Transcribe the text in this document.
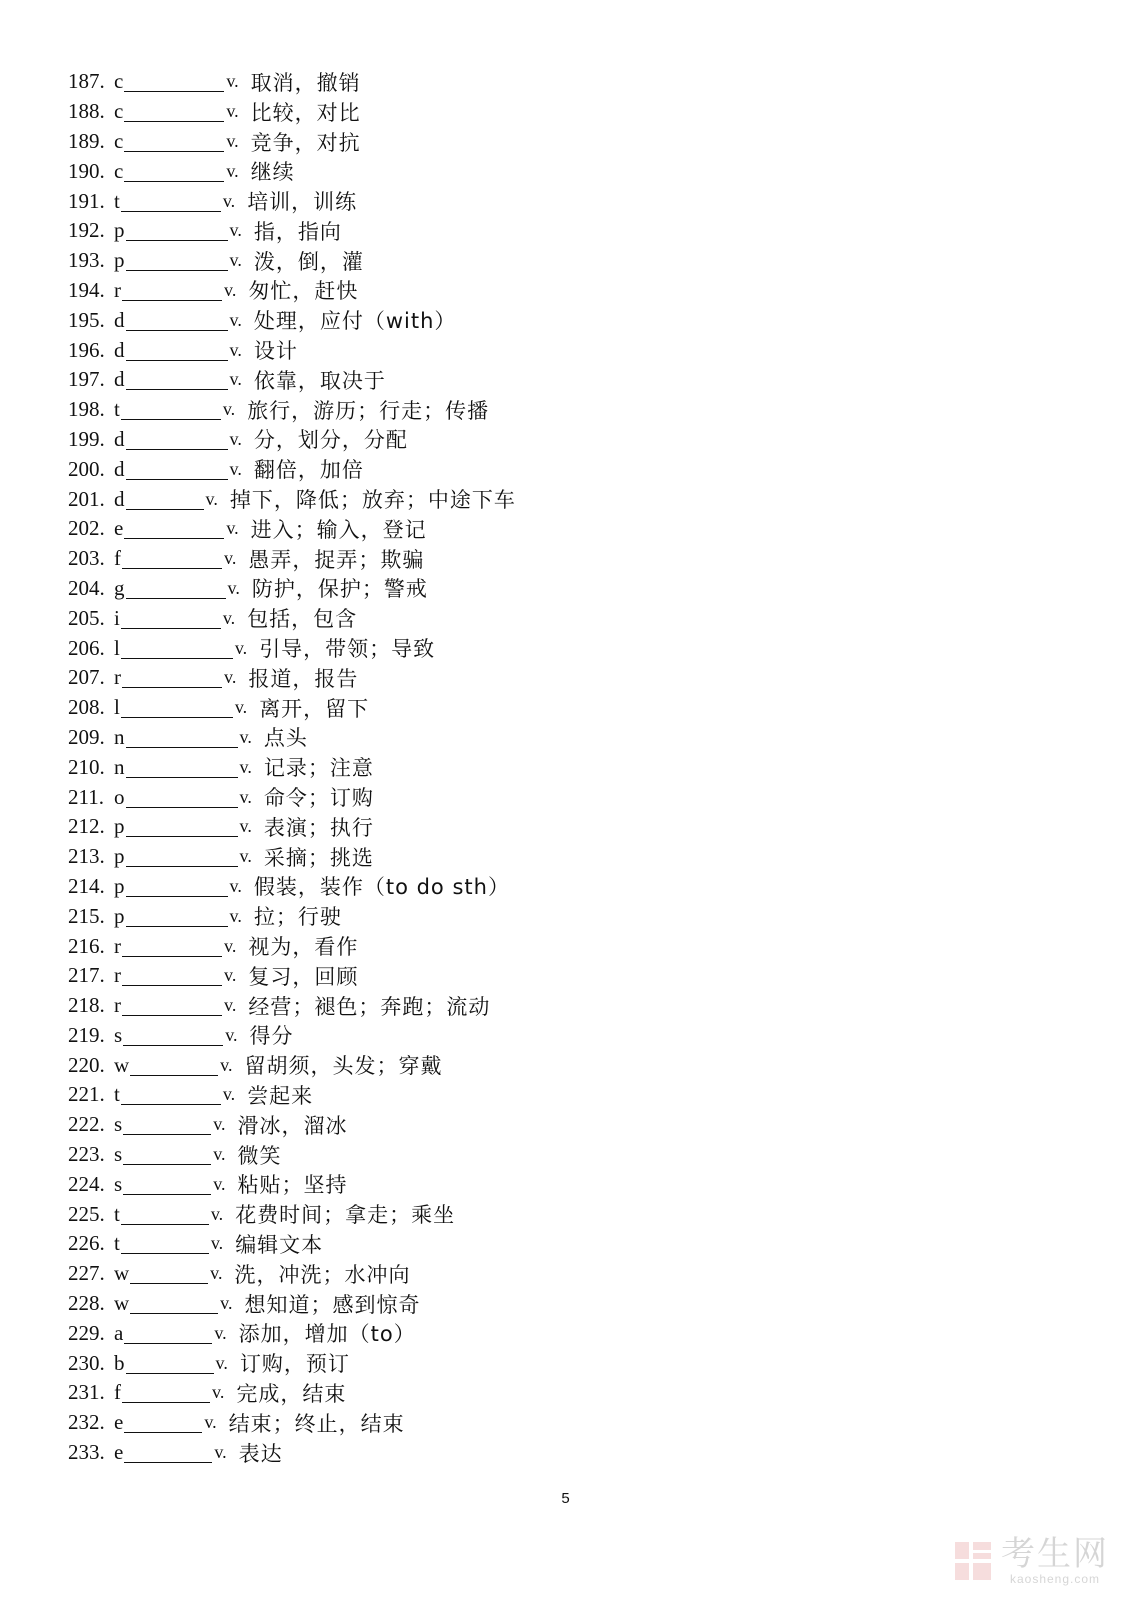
187. c	v. 取消，撤销
188. c	v. 比较，对比
189. c	v. 竞争，对抗
190. c	v. 继续
191. t	v. 培训，训练
192. p	v. 指，指向
193. p	v. 泼，倒，灌
194. r	v. 匆忙，赶快
195. d	v. 处理，应付（with）
196. d	v. 设计
197. d	v. 依靠，取决于
198. t	v. 旅行，游历；行走；传播
199. d	v. 分，划分，分配
200. d	v. 翻倍，加倍
201. d	v. 掉下，降低；放弃；中途下车
202. e	v. 进入；输入，登记
203. f	v. 愚弄，捉弄；欺骗
204. g	v. 防护，保护；警戒
205. i	v. 包括，包含
206. l	v. 引导，带领；导致
207. r	v. 报道，报告
208. l	v. 离开，留下
209. n	v. 点头
210. n	v. 记录；注意
211. o	v. 命令；订购
212. p	v. 表演；执行
213. p	v. 采摘；挑选
214. p	v. 假装，装作（to do sth）
215. p	v. 拉；行驶
216. r	v. 视为，看作
217. r	v. 复习，回顾
218. r	v. 经营；褪色；奔跑；流动
219. s	v. 得分
220. w	v. 留胡须，头发；穿戴
221. t	v. 尝起来
222. s	v. 滑冰，溜冰
223. s	v. 微笑
224. s	v. 粘贴；坚持
225. t	v. 花费时间；拿走；乘坐
226. t	v. 编辑文本
227. w	v. 洗，冲洗；水冲向
228. w	v. 想知道；感到惊奇
229. a	v. 添加，增加（to）
230. b	v. 订购，预订
231. f	v. 完成，结束
232. e	v. 结束；终止，结束
233. e	v. 表达
5
考生网
kaosheng.com
